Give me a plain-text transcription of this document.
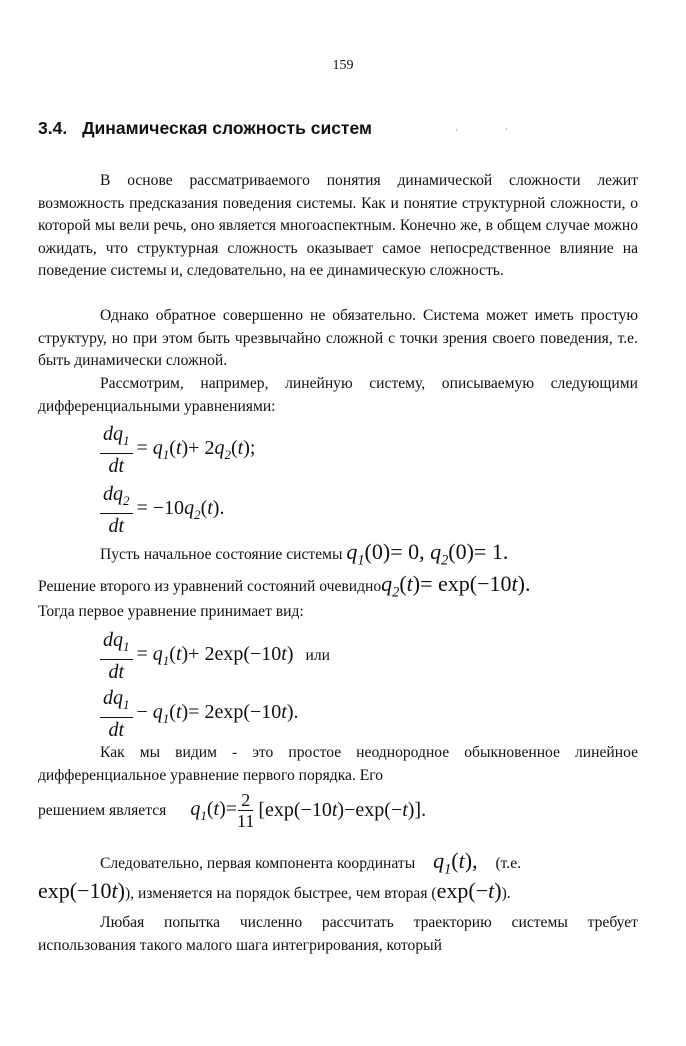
159
3.4. Динамическая сложность систем	˙	·

В основе рассматриваемого понятия динамической сложности лежит возможность предсказания поведения системы. Как и понятие структурной сложности, о которой мы вели речь, оно является многоаспектным. Конечно же, в общем случае можно ожидать, что структурная сложность оказывает самое непосредственное влияние на поведение системы и, следовательно, на ее динамическую сложность.

Однако обратное совершенно не обязательно. Система может иметь простую структуру, но при этом быть чрезвычайно сложной с точки зрения своего поведения, т.е. быть динамически сложной.

Рассмотрим, например, линейную систему, описываемую следующими дифференциальными уравнениями:

$\frac{dq_1}{dt} = q_1(t)+ 2q_2(t)$;
$\frac{dq_2}{dt} = -10q_2(t)$.
Пусть начальное состояние системы $q_1(0)= 0$, $q_2(0)= 1$.
Решение второго из уравнений состояний очевидноq$_2$(t)= exp(−10t).
Тогда первое уравнение принимает вид:
$\frac{dq_1}{dt} = q_1(t)+ 2\exp(-10t)$ или
$\frac{dq_1}{dt} - q_1(t)= 2\exp(-10t)$.

Как мы видим - это простое неоднородное обыкновенное линейное дифференциальное уравнение первого порядка. Его

решением является $q_1(t)= \frac{2}{11} [\exp(-10t)-\exp(-t)]$.
Следовательно, первая компонента координаты $q_1(t)$, (т.е.
exp(−10t)), изменяется на порядок быстрее, чем вторая (exp(−t)).

Любая попытка численно рассчитать траекторию системы требует использования такого малого шага интегрирования, который
